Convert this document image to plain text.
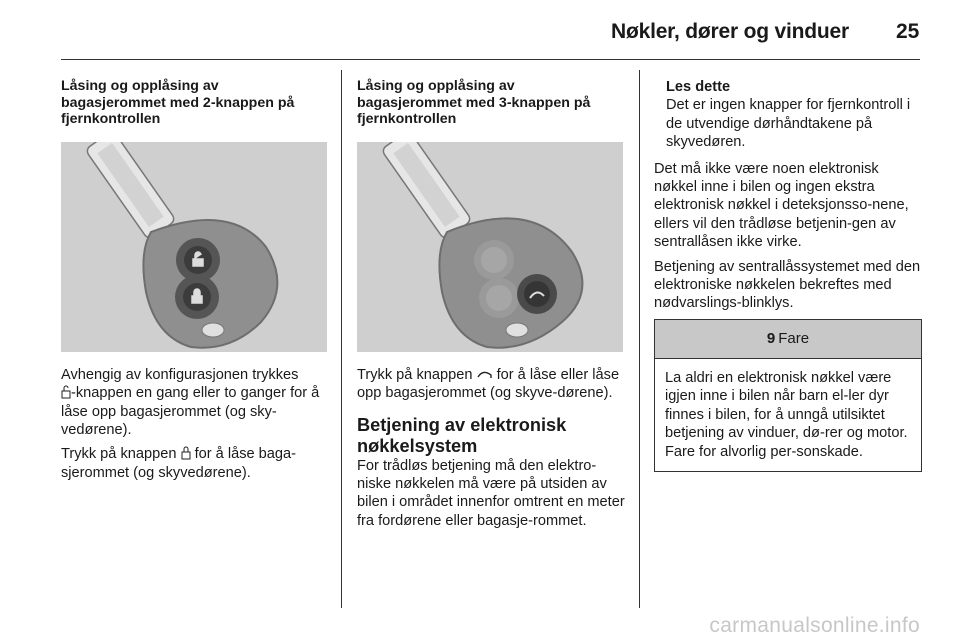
Nøkler, dører og vinduer 25
Låsing og opplåsing av
bagasjerommet med 2-knappen på
fjernkontrollen

Avhengig av konfigurasjonen trykkes
-knappen en gang eller to ganger for å låse opp bagasjerommet (og sky-vedørene).

Trykk på knappen for å låse baga-sjerommet (og skyvedørene).

Låsing og opplåsing av
bagasjerommet med 3-knappen på
fjernkontrollen

Trykk på knappen for å låse eller låse opp bagasjerommet (og skyve-dørene).

Betjening av elektronisk
nøkkelsystem

For trådløs betjening må den elektro-niske nøkkelen må være på utsiden av bilen i området innenfor omtrent en meter fra fordørene eller bagasje-rommet.

Les dette
Det er ingen knapper for fjernkontroll i de utvendige dørhåndtakene på skyvedøren.

Det må ikke være noen elektronisk nøkkel inne i bilen og ingen ekstra elektronisk nøkkel i deteksjonsso-nene, ellers vil den trådløse betjenin-gen av sentrallåsen ikke virke.

Betjening av sentrallåssystemet med den elektroniske nøkkelen bekreftes med nødvarslings-blinklys.

9 Fare
La aldri en elektronisk nøkkel være igjen inne i bilen når barn el-ler dyr finnes i bilen, for å unngå utilsiktet betjening av vinduer, dø-rer og motor. Fare for alvorlig per-sonskade.
carmanualsonline.info
